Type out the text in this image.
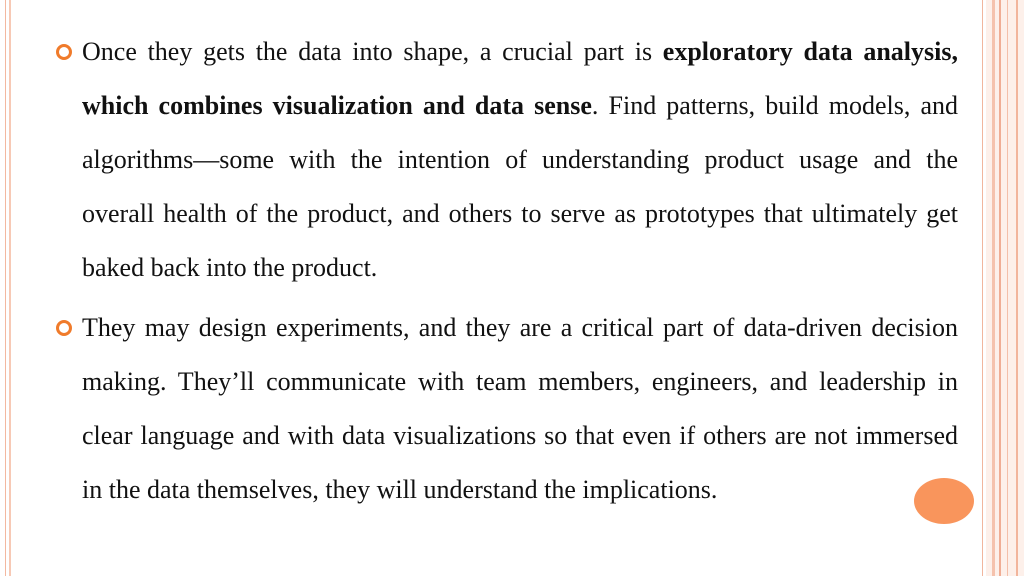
Once they gets the data into shape, a crucial part is exploratory data analysis, which combines visualization and data sense. Find patterns, build models, and algorithms—some with the intention of understanding product usage and the overall health of the product, and others to serve as prototypes that ultimately get baked back into the product.

They may design experiments, and they are a critical part of data-driven decision making. They’ll communicate with team members, engineers, and leadership in clear language and with data visualizations so that even if others are not immersed in the data themselves, they will understand the implications.
